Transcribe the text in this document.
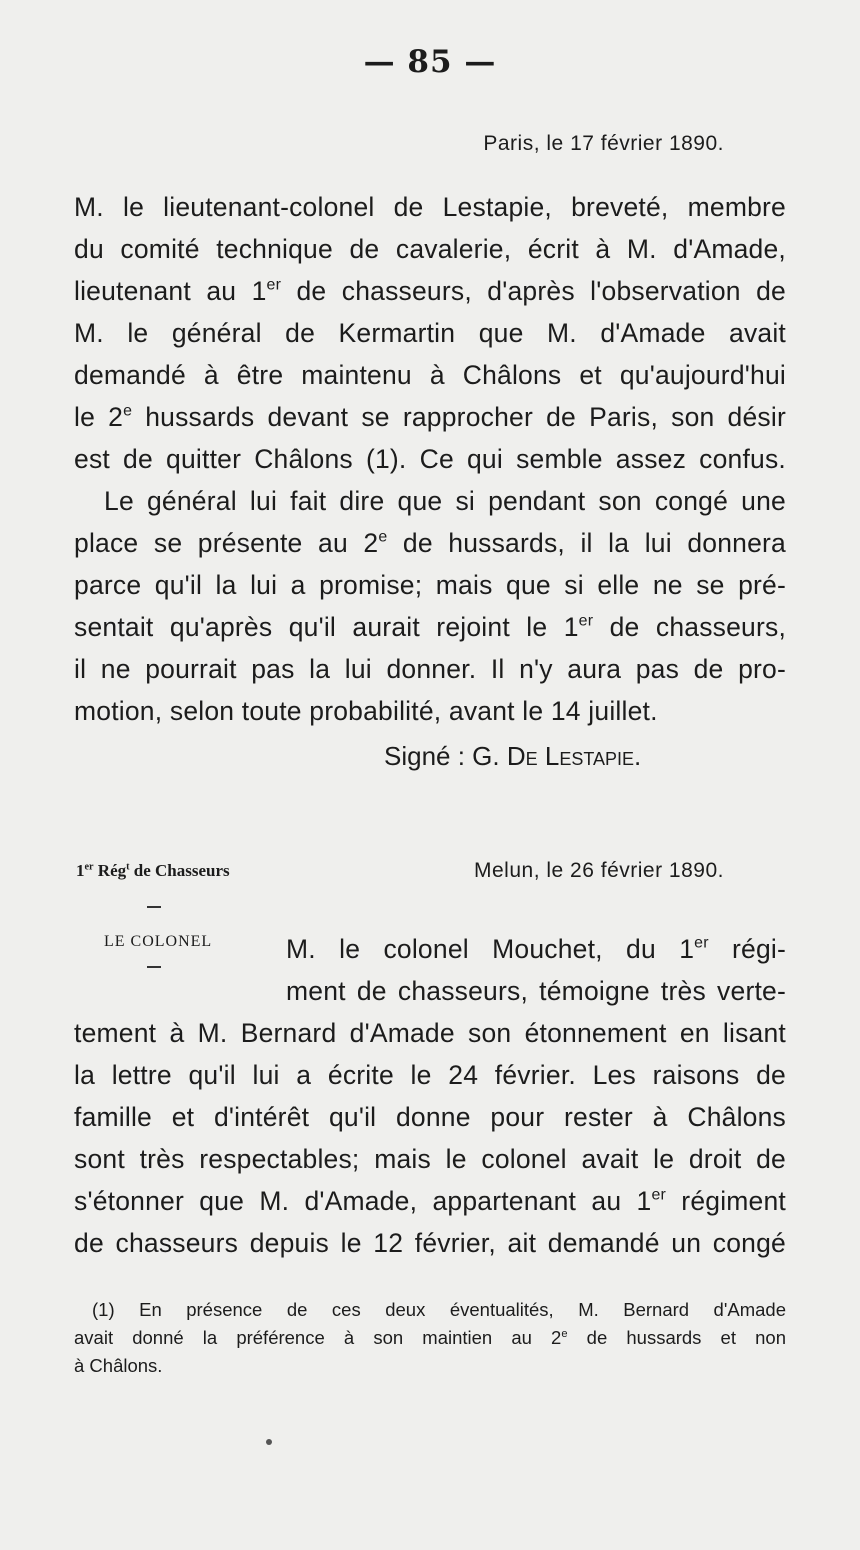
— 85 —
Paris, le 17 février 1890.
M. le lieutenant-colonel de Lestapie, breveté, membre
du comité technique de cavalerie, écrit à M. d'Amade,
lieutenant au 1er de chasseurs, d'après l'observation de
M. le général de Kermartin que M. d'Amade avait
demandé à être maintenu à Châlons et qu'aujourd'hui
le 2e hussards devant se rapprocher de Paris, son désir
est de quitter Châlons (1). Ce qui semble assez confus.
Le général lui fait dire que si pendant son congé une
place se présente au 2e de hussards, il la lui donnera
parce qu'il la lui a promise; mais que si elle ne se pré-
sentait qu'après qu'il aurait rejoint le 1er de chasseurs,
il ne pourrait pas la lui donner. Il n'y aura pas de pro-
motion, selon toute probabilité, avant le 14 juillet.
Signé : G. De Lestapie.
1er Rég$^t$ de Chasseurs	Melun, le 26 février 1890.
LE COLONEL	M. le colonel Mouchet, du 1er régi-
ment de chasseurs, témoigne très verte-
tement à M. Bernard d'Amade son étonnement en lisant
la lettre qu'il lui a écrite le 24 février. Les raisons de
famille et d'intérêt qu'il donne pour rester à Châlons
sont très respectables; mais le colonel avait le droit de
s'étonner que M. d'Amade, appartenant au 1er régiment
de chasseurs depuis le 12 février, ait demandé un congé
(1) En présence de ces deux éventualités, M. Bernard d'Amade
avait donné la préférence à son maintien au 2e de hussards et non
à Châlons.
